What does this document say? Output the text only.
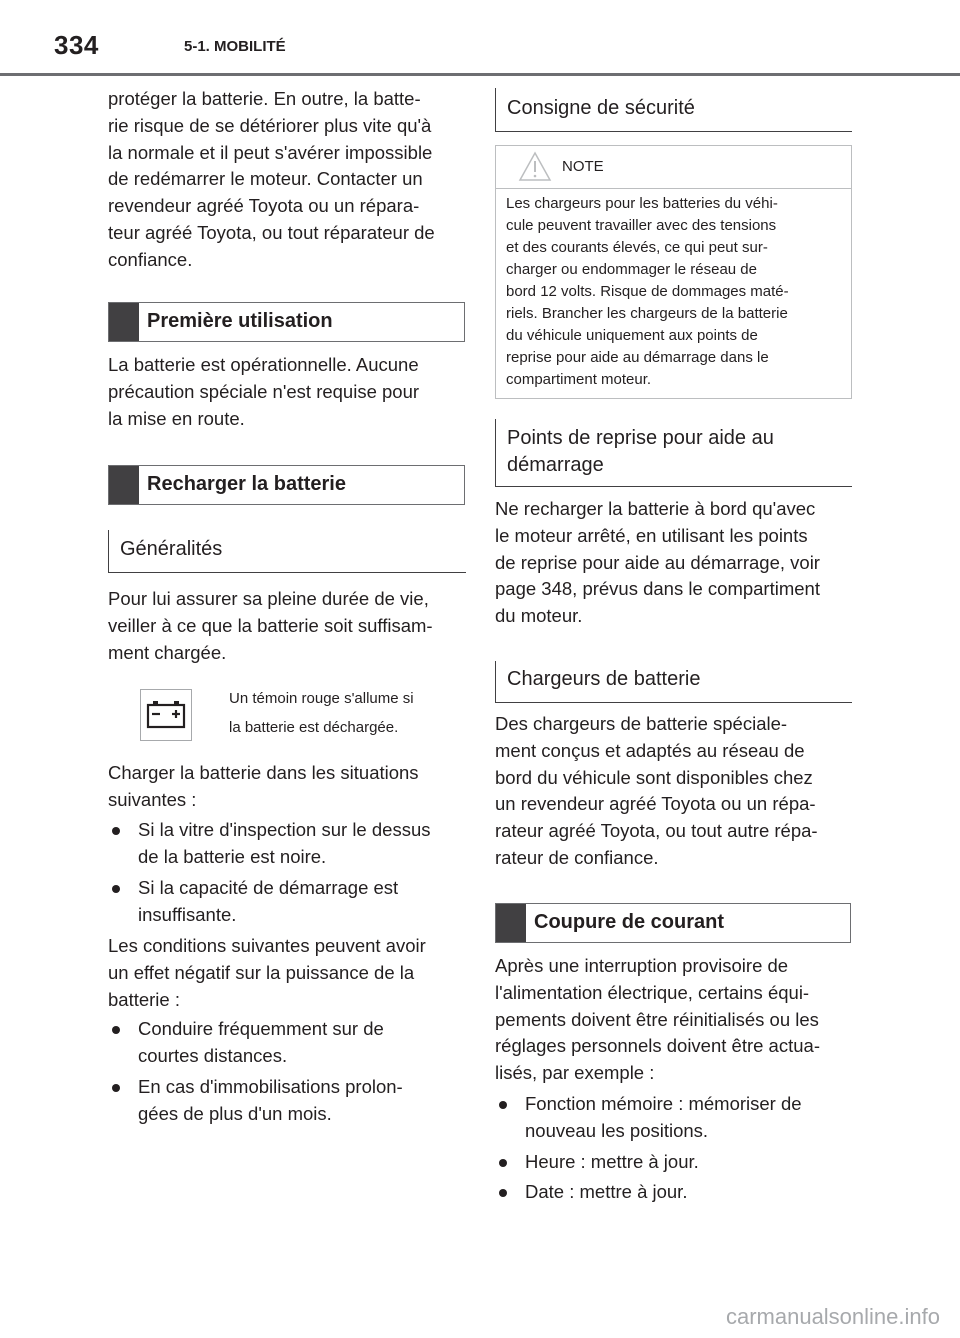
334	5-1. MOBILITÉ
protéger la batterie. En outre, la batte-
rie risque de se détériorer plus vite qu'à
la normale et il peut s'avérer impossible
de redémarrer le moteur. Contacter un
revendeur agréé Toyota ou un répara-
teur agréé Toyota, ou tout réparateur de
confiance.
Première utilisation
La batterie est opérationnelle. Aucune
précaution spéciale n'est requise pour
la mise en route.
Recharger la batterie
Généralités
Pour lui assurer sa pleine durée de vie,
veiller à ce que la batterie soit suffisam-
ment chargée.
Un témoin rouge s'allume si
la batterie est déchargée.
Charger la batterie dans les situations
suivantes :
Si la vitre d'inspection sur le dessus
de la batterie est noire.
Si la capacité de démarrage est
insuffisante.
Les conditions suivantes peuvent avoir
un effet négatif sur la puissance de la
batterie :
Conduire fréquemment sur de
courtes distances.
En cas d'immobilisations prolon-
gées de plus d'un mois.
Consigne de sécurité
NOTE
Les chargeurs pour les batteries du véhi-
cule peuvent travailler avec des tensions
et des courants élevés, ce qui peut sur-
charger ou endommager le réseau de
bord 12 volts. Risque de dommages maté-
riels. Brancher les chargeurs de la batterie
du véhicule uniquement aux points de
reprise pour aide au démarrage dans le
compartiment moteur.
Points de reprise pour aide au
démarrage
Ne recharger la batterie à bord qu'avec
le moteur arrêté, en utilisant les points
de reprise pour aide au démarrage, voir
page 348, prévus dans le compartiment
du moteur.
Chargeurs de batterie
Des chargeurs de batterie spéciale-
ment conçus et adaptés au réseau de
bord du véhicule sont disponibles chez
un revendeur agréé Toyota ou un répa-
rateur agréé Toyota, ou tout autre répa-
rateur de confiance.
Coupure de courant
Après une interruption provisoire de
l'alimentation électrique, certains équi-
pements doivent être réinitialisés ou les
réglages personnels doivent être actua-
lisés, par exemple :
Fonction mémoire : mémoriser de
nouveau les positions.
Heure : mettre à jour.
Date : mettre à jour.
carmanualsonline.info
